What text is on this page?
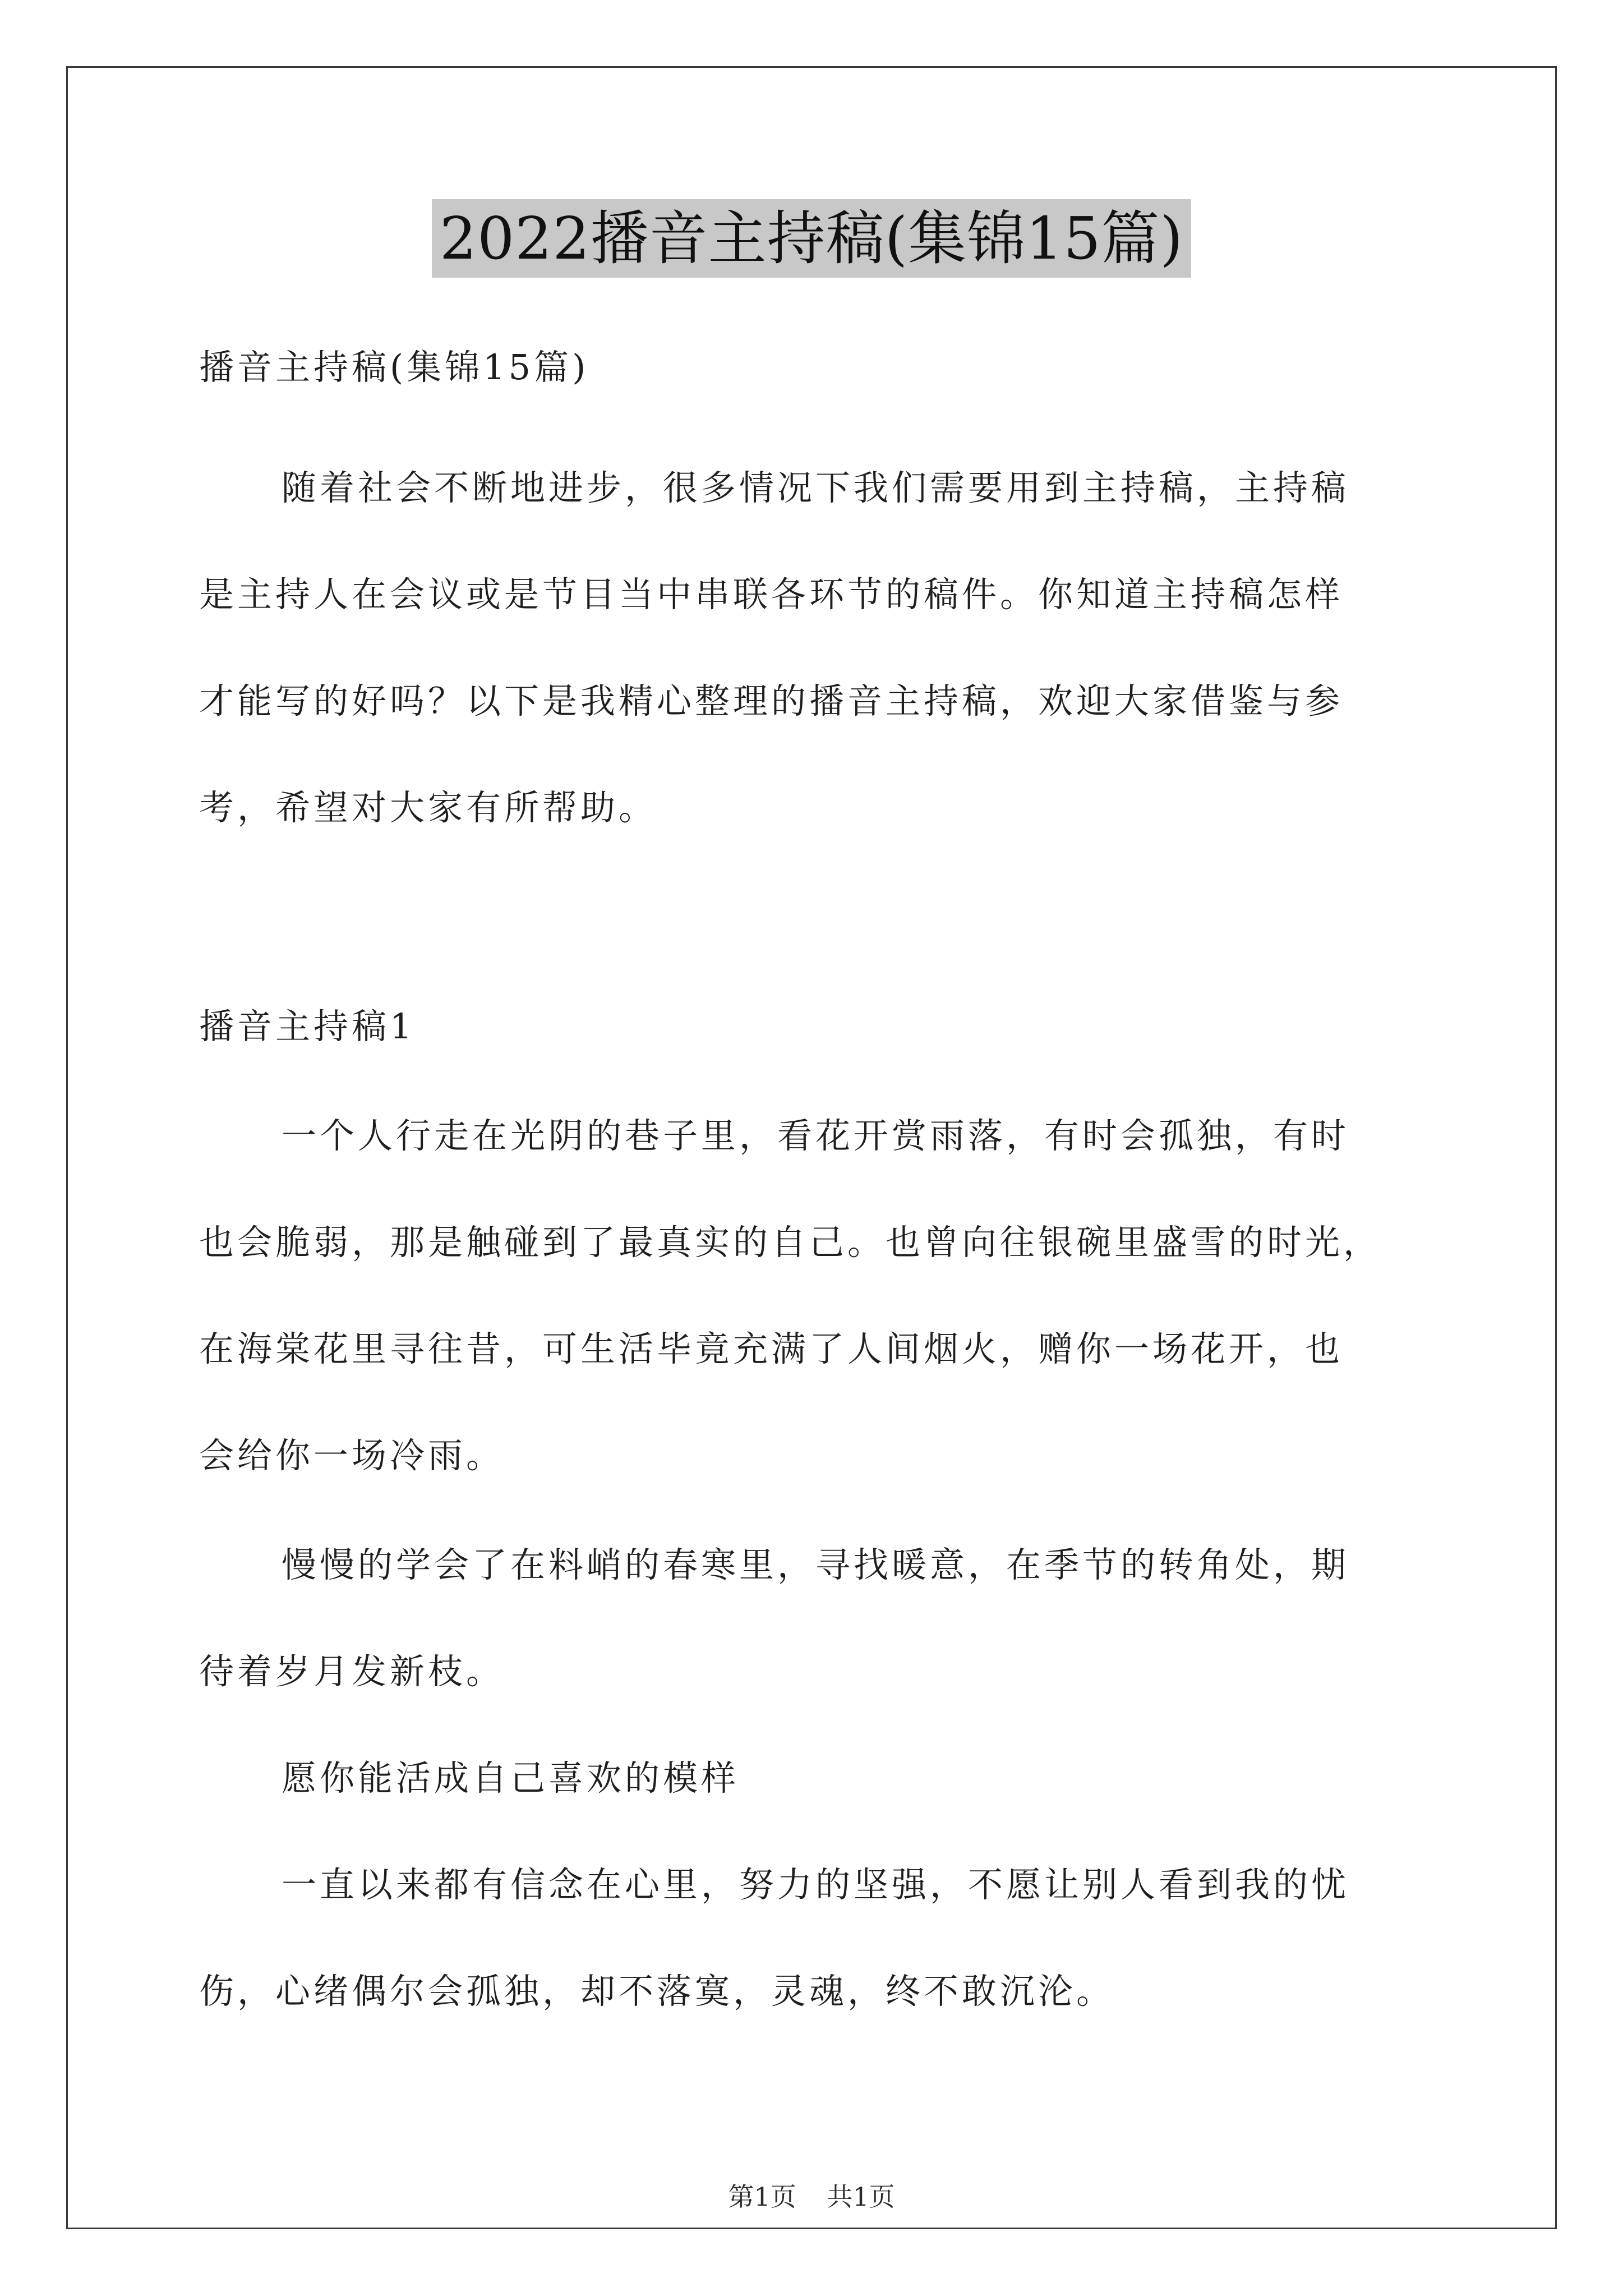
2022播音主持稿(集锦15篇)
播音主持稿(集锦15篇)
随着社会不断地进步，很多情况下我们需要用到主持稿，主持稿
是主持人在会议或是节目当中串联各环节的稿件。你知道主持稿怎样
才能写的好吗？以下是我精心整理的播音主持稿，欢迎大家借鉴与参
考，希望对大家有所帮助。
播音主持稿1
一个人行走在光阴的巷子里，看花开赏雨落，有时会孤独，有时
也会脆弱，那是触碰到了最真实的自己。也曾向往银碗里盛雪的时光，
在海棠花里寻往昔，可生活毕竟充满了人间烟火，赠你一场花开，也
会给你一场冷雨。
慢慢的学会了在料峭的春寒里，寻找暖意，在季节的转角处，期
待着岁月发新枝。
愿你能活成自己喜欢的模样
一直以来都有信念在心里，努力的坚强，不愿让别人看到我的忧
伤，心绪偶尔会孤独，却不落寞，灵魂，终不敢沉沦。
第1页 共1页
